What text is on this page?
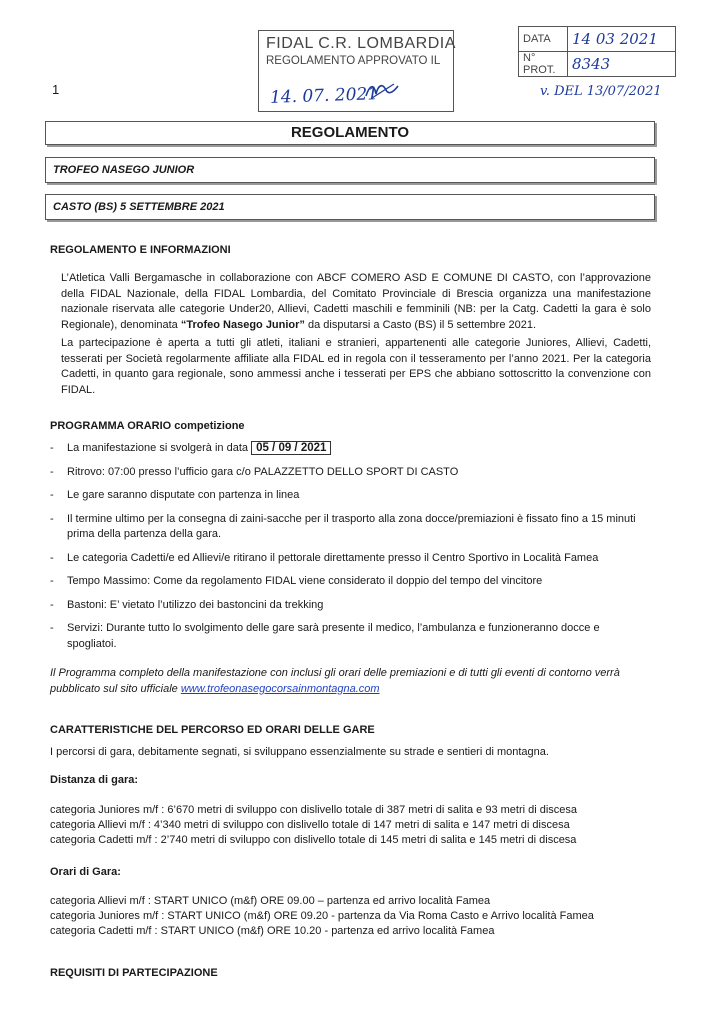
FIDAL C.R. LOMBARDIA
REGOLAMENTO APPROVATO IL
14. 07. 2021
DATA	14 03 2021
N° PROT.	8343
v. DEL 13/07/2021
1
REGOLAMENTO
TROFEO NASEGO JUNIOR
CASTO (BS) 5 SETTEMBRE 2021
REGOLAMENTO E INFORMAZIONI
L’Atletica Valli Bergamasche in collaborazione con ABCF COMERO ASD E COMUNE DI CASTO, con l’approvazione della FIDAL Nazionale, della FIDAL Lombardia, del Comitato Provinciale di Brescia organizza una manifestazione nazionale riservata alle categorie Under20, Allievi, Cadetti maschili e femminili (NB: per la Catg. Cadetti la gara è solo Regionale), denominata “Trofeo Nasego Junior” da disputarsi a Casto (BS) il 5 settembre 2021.
La partecipazione è aperta a tutti gli atleti, italiani e stranieri, appartenenti alle categorie Juniores, Allievi, Cadetti, tesserati per Società regolarmente affiliate alla FIDAL ed in regola con il tesseramento per l’anno 2021. Per la categoria Cadetti, in quanto gara regionale, sono ammessi anche i tesserati per EPS che abbiano sottoscritto la convenzione con FIDAL.
PROGRAMMA ORARIO competizione
- La manifestazione si svolgerà in data 05 / 09 / 2021
- Ritrovo: 07:00 presso l’ufficio gara c/o PALAZZETTO DELLO SPORT DI CASTO
- Le gare saranno disputate con partenza in linea
- Il termine ultimo per la consegna di zaini-sacche per il trasporto alla zona docce/premiazioni è fissato fino a 15 minuti prima della partenza della gara.
- Le categoria Cadetti/e ed Allievi/e ritirano il pettorale direttamente presso il Centro Sportivo in Località Famea
- Tempo Massimo: Come da regolamento FIDAL viene considerato il doppio del tempo del vincitore
- Bastoni: E’ vietato l’utilizzo dei bastoncini da trekking
- Servizi: Durante tutto lo svolgimento delle gare sarà presente il medico, l’ambulanza e funzioneranno docce e spogliatoi.
Il Programma completo della manifestazione con inclusi gli orari delle premiazioni e di tutti gli eventi di contorno verrà pubblicato sul sito ufficiale www.trofeonasegocorsainmontagna.com
CARATTERISTICHE DEL PERCORSO ED ORARI DELLE GARE
I percorsi di gara, debitamente segnati, si sviluppano essenzialmente su strade e sentieri di montagna.
Distanza di gara:
categoria Juniores m/f : 6’670 metri di sviluppo con dislivello totale di 387 metri di salita e 93 metri di discesa
categoria Allievi m/f : 4’340 metri di sviluppo con dislivello totale di 147 metri di salita e 147 metri di discesa
categoria Cadetti m/f : 2’740 metri di sviluppo con dislivello totale di 145 metri di salita e 145 metri di discesa
Orari di Gara:
categoria Allievi m/f : START UNICO (m&f) ORE 09.00 – partenza ed arrivo località Famea
categoria Juniores m/f : START UNICO (m&f) ORE 09.20 - partenza da Via Roma Casto e Arrivo località Famea
categoria Cadetti m/f : START UNICO (m&f) ORE 10.20 - partenza ed arrivo località Famea
REQUISITI DI PARTECIPAZIONE
